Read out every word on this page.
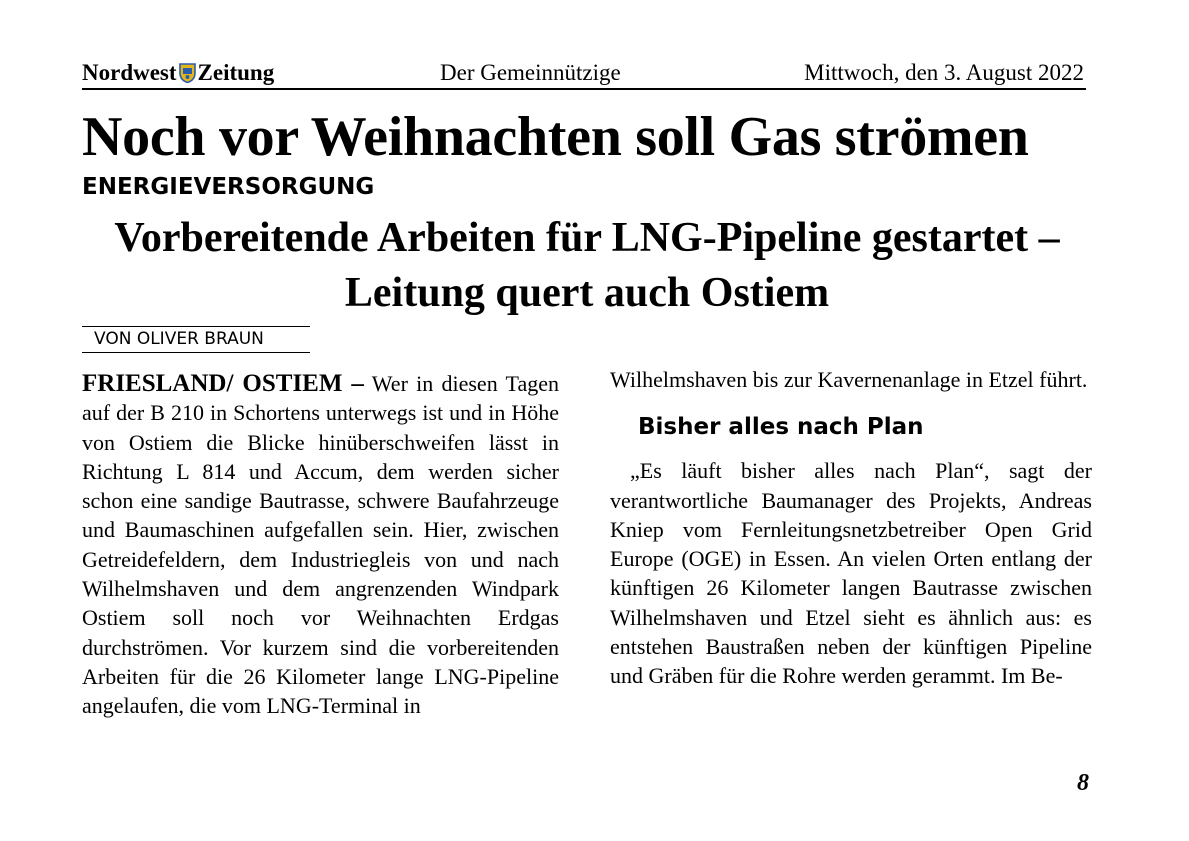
Nordwest Zeitung	Der Gemeinnützige	Mittwoch, den 3. August 2022
Noch vor Weihnachten soll Gas strömen
ENERGIEVERSORGUNG
Vorbereitende Arbeiten für LNG-Pipeline gestartet – Leitung quert auch Ostiem
VON OLIVER BRAUN

FRIESLAND/ OSTIEM – Wer in diesen Tagen auf der B 210 in Schortens unterwegs ist und in Höhe von Ostiem die Blicke hinüberschweifen lässt in Richtung L 814 und Accum, dem werden sicher schon eine sandige Bautrasse, schwere Baufahrzeuge und Baumaschinen aufgefallen sein. Hier, zwischen Getreidefeldern, dem Industriegleis von und nach Wilhelmshaven und dem angrenzenden Windpark Ostiem soll noch vor Weihnachten Erdgas durchströmen. Vor kurzem sind die vorbereitenden Arbeiten für die 26 Kilometer lange LNG-Pipeline angelaufen, die vom LNG-Terminal in

Wilhelmshaven bis zur Kavernenanlage in Etzel führt.

Bisher alles nach Plan

„Es läuft bisher alles nach Plan“, sagt der verantwortliche Baumanager des Projekts, Andreas Kniep vom Fernleitungsnetzbetreiber Open Grid Europe (OGE) in Essen. An vielen Orten entlang der künftigen 26 Kilometer langen Bautrasse zwischen Wilhelmshaven und Etzel sieht es ähnlich aus: es entstehen Baustraßen neben der künftigen Pipeline und Gräben für die Rohre werden gerammt. Im Be-

8
